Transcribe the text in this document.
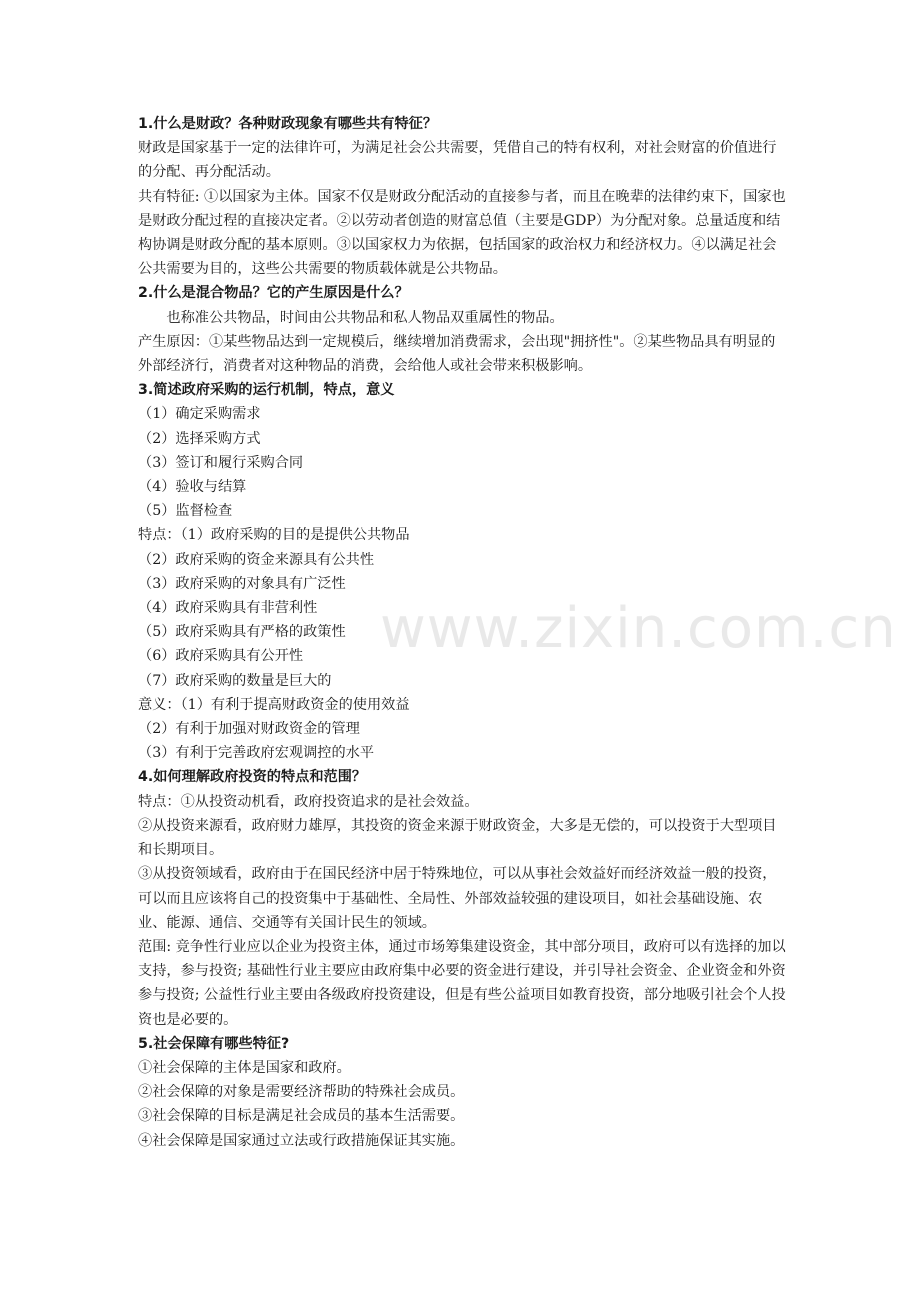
www.zixin.com.cn

1.什么是财政？各种财政现象有哪些共有特征？

财政是国家基于一定的法律许可，为满足社会公共需要，凭借自己的特有权利，对社会财富的价值进行的分配、再分配活动。

共有特征: ①以国家为主体。国家不仅是财政分配活动的直接参与者，而且在晚辈的法律约束下，国家也是财政分配过程的直接决定者。②以劳动者创造的财富总值（主要是GDP）为分配对象。总量适度和结构协调是财政分配的基本原则。③以国家权力为依据，包括国家的政治权力和经济权力。④以满足社会公共需要为目的，这些公共需要的物质载体就是公共物品。

2.什么是混合物品？它的产生原因是什么？

也称准公共物品，时间由公共物品和私人物品双重属性的物品。

产生原因：①某些物品达到一定规模后，继续增加消费需求，会出现"拥挤性"。②某些物品具有明显的外部经济行，消费者对这种物品的消费，会给他人或社会带来积极影响。

3.简述政府采购的运行机制，特点，意义

（1）确定采购需求

（2）选择采购方式

（3）签订和履行采购合同

（4）验收与结算

（5）监督检查

特点：（1）政府采购的目的是提供公共物品

（2）政府采购的资金来源具有公共性

（3）政府采购的对象具有广泛性

（4）政府采购具有非营利性

（5）政府采购具有严格的政策性

（6）政府采购具有公开性

（7）政府采购的数量是巨大的

意义：（1）有利于提高财政资金的使用效益

（2）有利于加强对财政资金的管理

（3）有利于完善政府宏观调控的水平

4.如何理解政府投资的特点和范围？

特点：①从投资动机看，政府投资追求的是社会效益。

②从投资来源看，政府财力雄厚，其投资的资金来源于财政资金，大多是无偿的，可以投资于大型项目和长期项目。

③从投资领域看，政府由于在国民经济中居于特殊地位，可以从事社会效益好而经济效益一般的投资，可以而且应该将自己的投资集中于基础性、全局性、外部效益较强的建设项目，如社会基础设施、农业、能源、通信、交通等有关国计民生的领域。

范围: 竞争性行业应以企业为投资主体，通过市场筹集建设资金，其中部分项目，政府可以有选择的加以支持，参与投资; 基础性行业主要应由政府集中必要的资金进行建设，并引导社会资金、企业资金和外资参与投资; 公益性行业主要由各级政府投资建设，但是有些公益项目如教育投资，部分地吸引社会个人投资也是必要的。

5.社会保障有哪些特征?

①社会保障的主体是国家和政府。

②社会保障的对象是需要经济帮助的特殊社会成员。

③社会保障的目标是满足社会成员的基本生活需要。

④社会保障是国家通过立法或行政措施保证其实施。
